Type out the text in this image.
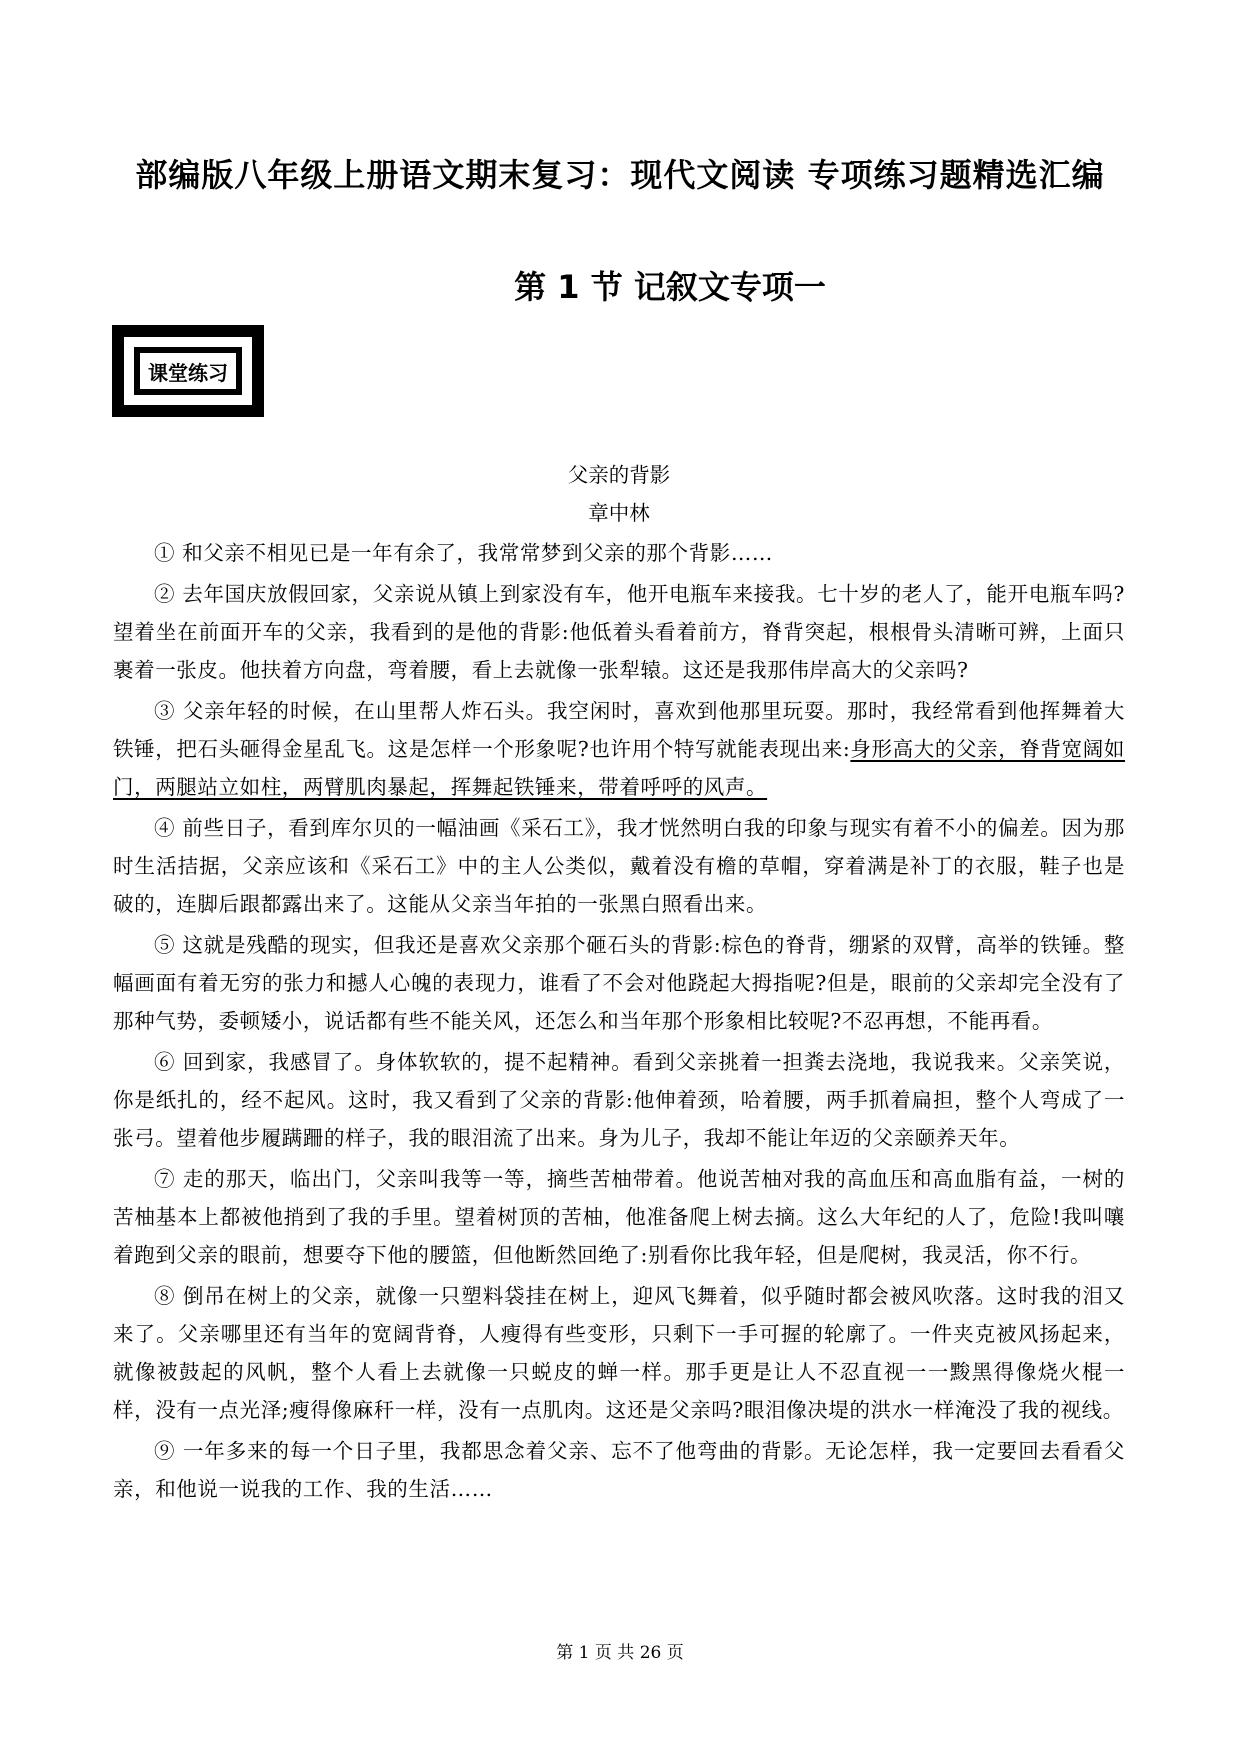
部编版八年级上册语文期末复习：现代文阅读 专项练习题精选汇编
第 1 节 记叙文专项一
课堂练习

父亲的背影

章中林

① 和父亲不相见已是一年有余了，我常常梦到父亲的那个背影……

② 去年国庆放假回家，父亲说从镇上到家没有车，他开电瓶车来接我。七十岁的老人了，能开电瓶车吗?望着坐在前面开车的父亲，我看到的是他的背影:他低着头看着前方，脊背突起，根根骨头清晰可辨，上面只裹着一张皮。他扶着方向盘，弯着腰，看上去就像一张犁辕。这还是我那伟岸高大的父亲吗?

③ 父亲年轻的时候，在山里帮人炸石头。我空闲时，喜欢到他那里玩耍。那时，我经常看到他挥舞着大铁锤，把石头砸得金星乱飞。这是怎样一个形象呢?也许用个特写就能表现出来:身形高大的父亲，脊背宽阔如门，两腿站立如柱，两臂肌肉暴起，挥舞起铁锤来，带着呼呼的风声。

④ 前些日子，看到库尔贝的一幅油画《采石工》，我才恍然明白我的印象与现实有着不小的偏差。因为那时生活拮据，父亲应该和《采石工》中的主人公类似，戴着没有檐的草帽，穿着满是补丁的衣服，鞋子也是破的，连脚后跟都露出来了。这能从父亲当年拍的一张黑白照看出来。

⑤ 这就是残酷的现实，但我还是喜欢父亲那个砸石头的背影:棕色的脊背，绷紧的双臂，高举的铁锤。整幅画面有着无穷的张力和撼人心魄的表现力，谁看了不会对他跷起大拇指呢?但是，眼前的父亲却完全没有了那种气势，委顿矮小，说话都有些不能关风，还怎么和当年那个形象相比较呢?不忍再想，不能再看。

⑥ 回到家，我感冒了。身体软软的，提不起精神。看到父亲挑着一担粪去浇地，我说我来。父亲笑说，你是纸扎的，经不起风。这时，我又看到了父亲的背影:他伸着颈，哈着腰，两手抓着扁担，整个人弯成了一张弓。望着他步履蹒跚的样子，我的眼泪流了出来。身为儿子，我却不能让年迈的父亲颐养天年。

⑦ 走的那天，临出门，父亲叫我等一等，摘些苦柚带着。他说苦柚对我的高血压和高血脂有益，一树的苦柚基本上都被他捎到了我的手里。望着树顶的苦柚，他准备爬上树去摘。这么大年纪的人了，危险!我叫嚷着跑到父亲的眼前，想要夺下他的腰篮，但他断然回绝了:别看你比我年轻，但是爬树，我灵活，你不行。

⑧ 倒吊在树上的父亲，就像一只塑料袋挂在树上，迎风飞舞着，似乎随时都会被风吹落。这时我的泪又来了。父亲哪里还有当年的宽阔背脊，人瘦得有些变形，只剩下一手可握的轮廓了。一件夹克被风扬起来，就像被鼓起的风帆，整个人看上去就像一只蜕皮的蝉一样。那手更是让人不忍直视一一黢黑得像烧火棍一样，没有一点光泽;瘦得像麻秆一样，没有一点肌肉。这还是父亲吗?眼泪像决堤的洪水一样淹没了我的视线。

⑨ 一年多来的每一个日子里，我都思念着父亲、忘不了他弯曲的背影。无论怎样，我一定要回去看看父亲，和他说一说我的工作、我的生活……

第 1 页 共 26 页
